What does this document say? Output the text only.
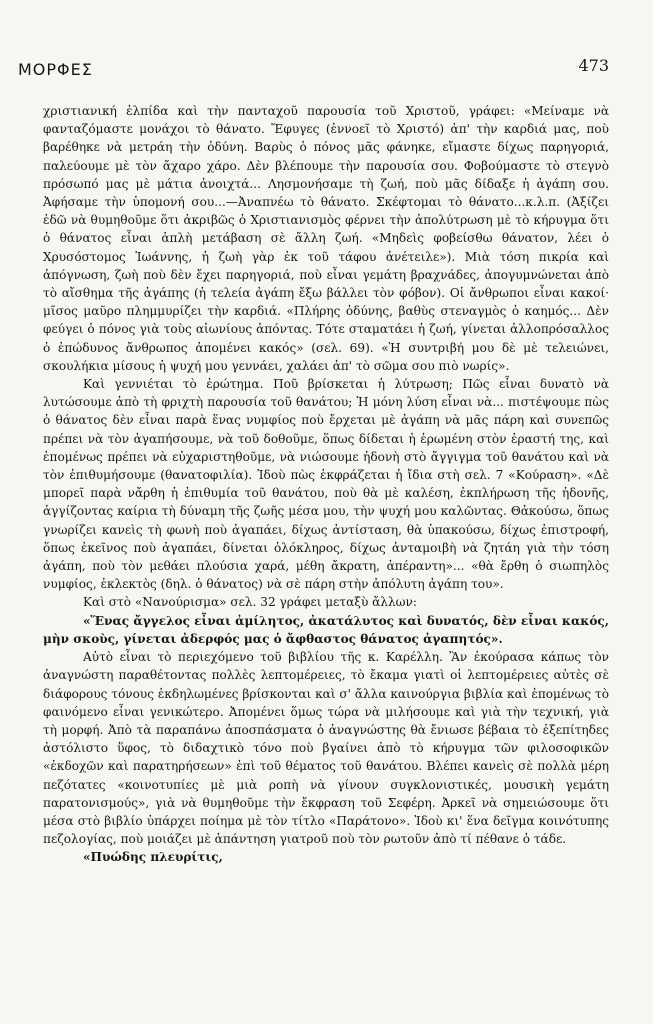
ΜΟΡΦΕΣ	473

χριστιανική ἐλπίδα καὶ τὴν πανταχοῦ παρουσία τοῦ Χριστοῦ, γράφει: «Μείναμε νὰ φανταζόμαστε μονάχοι τὸ θάνατο. Ἔφυγες (ἐννοεῖ τὸ Χριστό) ἀπ' τὴν καρδιά μας, ποὺ βαρέθηκε νὰ μετράη τὴν ὀδύνη. Βαρὺς ὁ πόνος μᾶς φάνηκε, εἴμαστε δίχως παρηγοριά, παλεύουμε μὲ τὸν ἄχαρο χάρο. Δὲν βλέπουμε τὴν παρουσία σου. Φοβούμαστε τὸ στεγνὸ πρόσωπό μας μὲ μάτια ἀνοιχτά... Λησμονήσαμε τὴ ζωή, ποὺ μᾶς δίδαξε ἡ ἀγάπη σου. Ἀφήσαμε τὴν ὑπομονή σου...—Ἀναπνέω τὸ θάνατο. Σκέφτομαι τὸ θάνατο...κ.λ.π. (Ἀξίζει ἐδῶ νὰ θυμηθοῦμε ὅτι ἀκριβῶς ὁ Χριστιανισμὸς φέρνει τὴν ἀπολύτρωση μὲ τὸ κήρυγμα ὅτι ὁ θάνατος εἶναι ἁπλὴ μετάβαση σὲ ἄλλη ζωή. «Μηδεὶς φοβείσθω θάνατον, λέει ὁ Χρυσόστομος Ἰωάννης, ἡ ζωὴ γὰρ ἐκ τοῦ τάφου ἀνέτειλε»). Μιὰ τόση πικρία καὶ ἀπόγνωση, ζωὴ ποὺ δὲν ἔχει παρηγοριά, ποὺ εἶναι γεμάτη βραχνάδες, ἀπογυμνώνεται ἀπὸ τὸ αἴσθημα τῆς ἀγάπης (ἡ τελεία ἀγάπη ἔξω βάλλει τὸν φόβον). Οἱ ἄνθρωποι εἶναι κακοί· μῖσος μαῦρο πλημμυρίζει τὴν καρδιά. «Πλήρης ὀδύνης, βαθὺς στεναγμὸς ὁ καημός... Δὲν φεύγει ὁ πόνος γιὰ τοὺς αἰωνίους ἀπόντας. Τότε σταματάει ἡ ζωή, γίνεται ἀλλοπρόσαλλος ὁ ἐπώδυνος ἄνθρωπος ἀπομένει κακός» (σελ. 69). «Ἡ συντριβή μου δὲ μὲ τελειώνει, σκουλήκια μίσους ἡ ψυχή μου γεννάει, χαλάει ἀπ' τὸ σῶμα σου πιὸ νωρίς».

Καὶ γεννιέται τὸ ἐρώτημα. Ποῦ βρίσκεται ἡ λύτρωση; Πῶς εἶναι δυνατὸ νὰ λυτώσουμε ἀπὸ τὴ φριχτὴ παρουσία τοῦ θανάτου; Ἡ μόνη λύση εἶναι νὰ... πιστέψουμε πὼς ὁ θάνατος δὲν εἶναι παρὰ ἕνας νυμφίος ποὺ ἔρχεται μὲ ἀγάπη νὰ μᾶς πάρη καὶ συνεπῶς πρέπει νὰ τὸν ἀγαπήσουμε, νὰ τοῦ δοθοῦμε, ὅπως δίδεται ἡ ἐρωμένη στὸν ἐραστή της, καὶ ἑπομένως πρέπει νὰ εὐχαριστηθοῦμε, νὰ νιώσουμε ἡδονὴ στὸ ἄγγιγμα τοῦ θανάτου καὶ νὰ τὸν ἐπιθυμήσουμε (θανατοφιλία). Ἰδοὺ πὼς ἐκφράζεται ἡ ἴδια στὴ σελ. 7 «Κούραση». «Δὲ μπορεῖ παρὰ νἄρθη ἡ ἐπιθυμία τοῦ θανάτου, ποὺ θὰ μὲ καλέση, ἐκπλήρωση τῆς ἡδονῆς, ἀγγίζοντας καίρια τὴ δύναμη τῆς ζωῆς μέσα μου, τὴν ψυχή μου καλῶντας. Θἀκούσω, ὅπως γνωρίζει κανεὶς τὴ φωνὴ ποὺ ἀγαπάει, δίχως ἀντίσταση, θὰ ὑπακούσω, δίχως ἐπιστροφή, ὅπως ἐκεῖνος ποὺ ἀγαπάει, δίνεται ὁλόκληρος, δίχως ἀνταμοιβὴ νὰ ζητάη γιὰ τὴν τόση ἀγάπη, ποὺ τὸν μεθάει πλούσια χαρά, μέθη ἄκρατη, ἀπέραντη»... «θὰ ἔρθη ὁ σιωπηλὸς νυμφίος, ἐκλεκτὸς (δηλ. ὁ θάνατος) νὰ σὲ πάρη στὴν ἀπόλυτη ἀγάπη του».

Καὶ στὸ «Νανούρισμα» σελ. 32 γράφει μεταξὺ ἄλλων:

«Ἕνας ἄγγελος εἶναι ἀμίλητος, ἀκατάλυτος καὶ δυνατός, δὲν εἶναι κακός, μὴν σκοὺς, γίνεται ἀδερφός μας ὁ ἄφθαστος θάνατος ἀγαπητός».

Αὐτὸ εἶναι τὸ περιεχόμενο τοῦ βιβλίου τῆς κ. Καρέλλη. Ἂν ἐκούρασα κάπως τὸν ἀναγνώστη παραθέτοντας πολλὲς λεπτομέρειες, τὸ ἔκαμα γιατὶ οἱ λεπτομέρειες αὐτὲς σὲ διάφορους τόνους ἐκδηλωμένες βρίσκονται καὶ σ' ἄλλα καινούργια βιβλία καὶ ἑπομένως τὸ φαινόμενο εἶναι γενικώτερο. Ἀπομένει ὅμως τώρα νὰ μιλήσουμε καὶ γιὰ τὴν τεχνική, γιὰ τὴ μορφή. Ἀπὸ τὰ παραπάνω ἀποσπάσματα ὁ ἀναγνώστης θὰ ἔνιωσε βέβαια τὸ ἐξεπίτηδες ἀστόλιστο ὕφος, τὸ διδαχτικὸ τόνο ποὺ βγαίνει ἀπὸ τὸ κήρυγμα τῶν φιλοσοφικῶν «ἐκδοχῶν καὶ παρατηρήσεων» ἐπὶ τοῦ θέματος τοῦ θανάτου. Βλέπει κανεὶς σὲ πολλὰ μέρη πεζότατες «κοινοτυπίες μὲ μιὰ ροπὴ νὰ γίνουν συγκλονιστικές, μουσικὴ γεμάτη παρατονισμούς», γιὰ νὰ θυμηθοῦμε τὴν ἔκφραση τοῦ Σεφέρη. Ἀρκεῖ νὰ σημειώσουμε ὅτι μέσα στὸ βιβλίο ὑπάρχει ποίημα μὲ τὸν τίτλο «Παράτονο». Ἰδοὺ κι' ἕνα δεῖγμα κοινότυπης πεζολογίας, ποὺ μοιάζει μὲ ἀπάντηση γιατροῦ ποὺ τὸν ρωτοῦν ἀπὸ τί πέθανε ὁ τάδε.

«Πυώδης πλευρίτις,
